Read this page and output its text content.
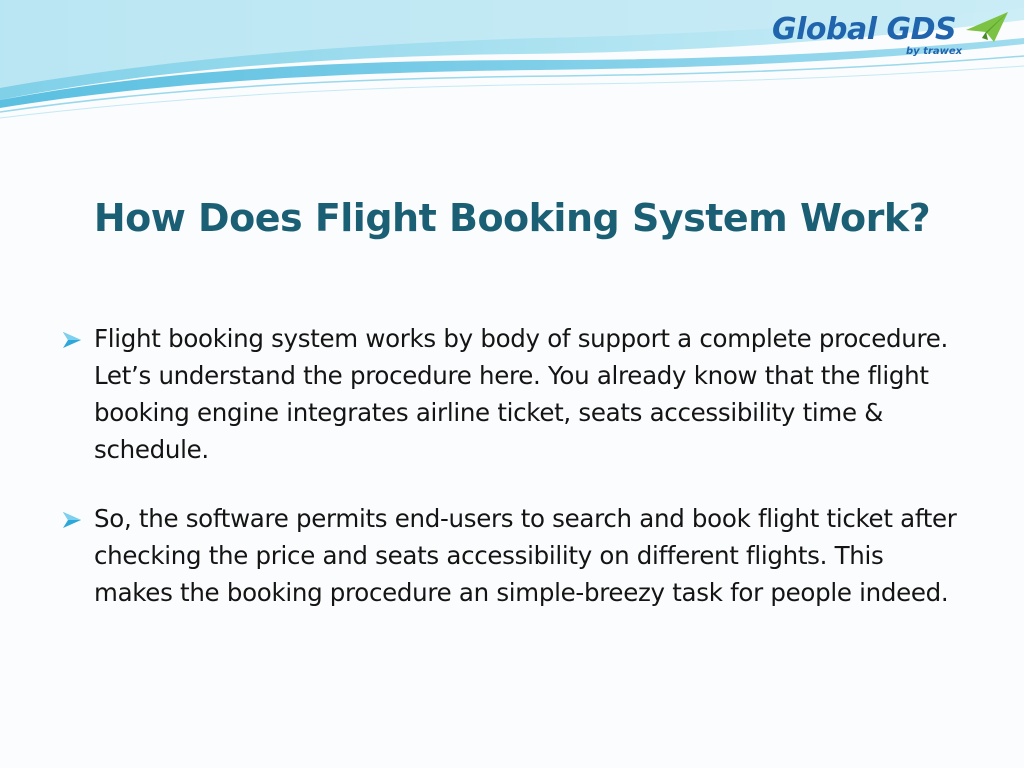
Global GDS
by trawex
How Does Flight Booking System Work?
Flight booking system works by body of support a complete procedure. Let’s understand the procedure here. You already know that the flight booking engine integrates airline ticket, seats accessibility time & schedule.
So, the software permits end-users to search and book flight ticket after checking the price and seats accessibility on different flights. This makes the booking procedure an simple-breezy task for people indeed.
